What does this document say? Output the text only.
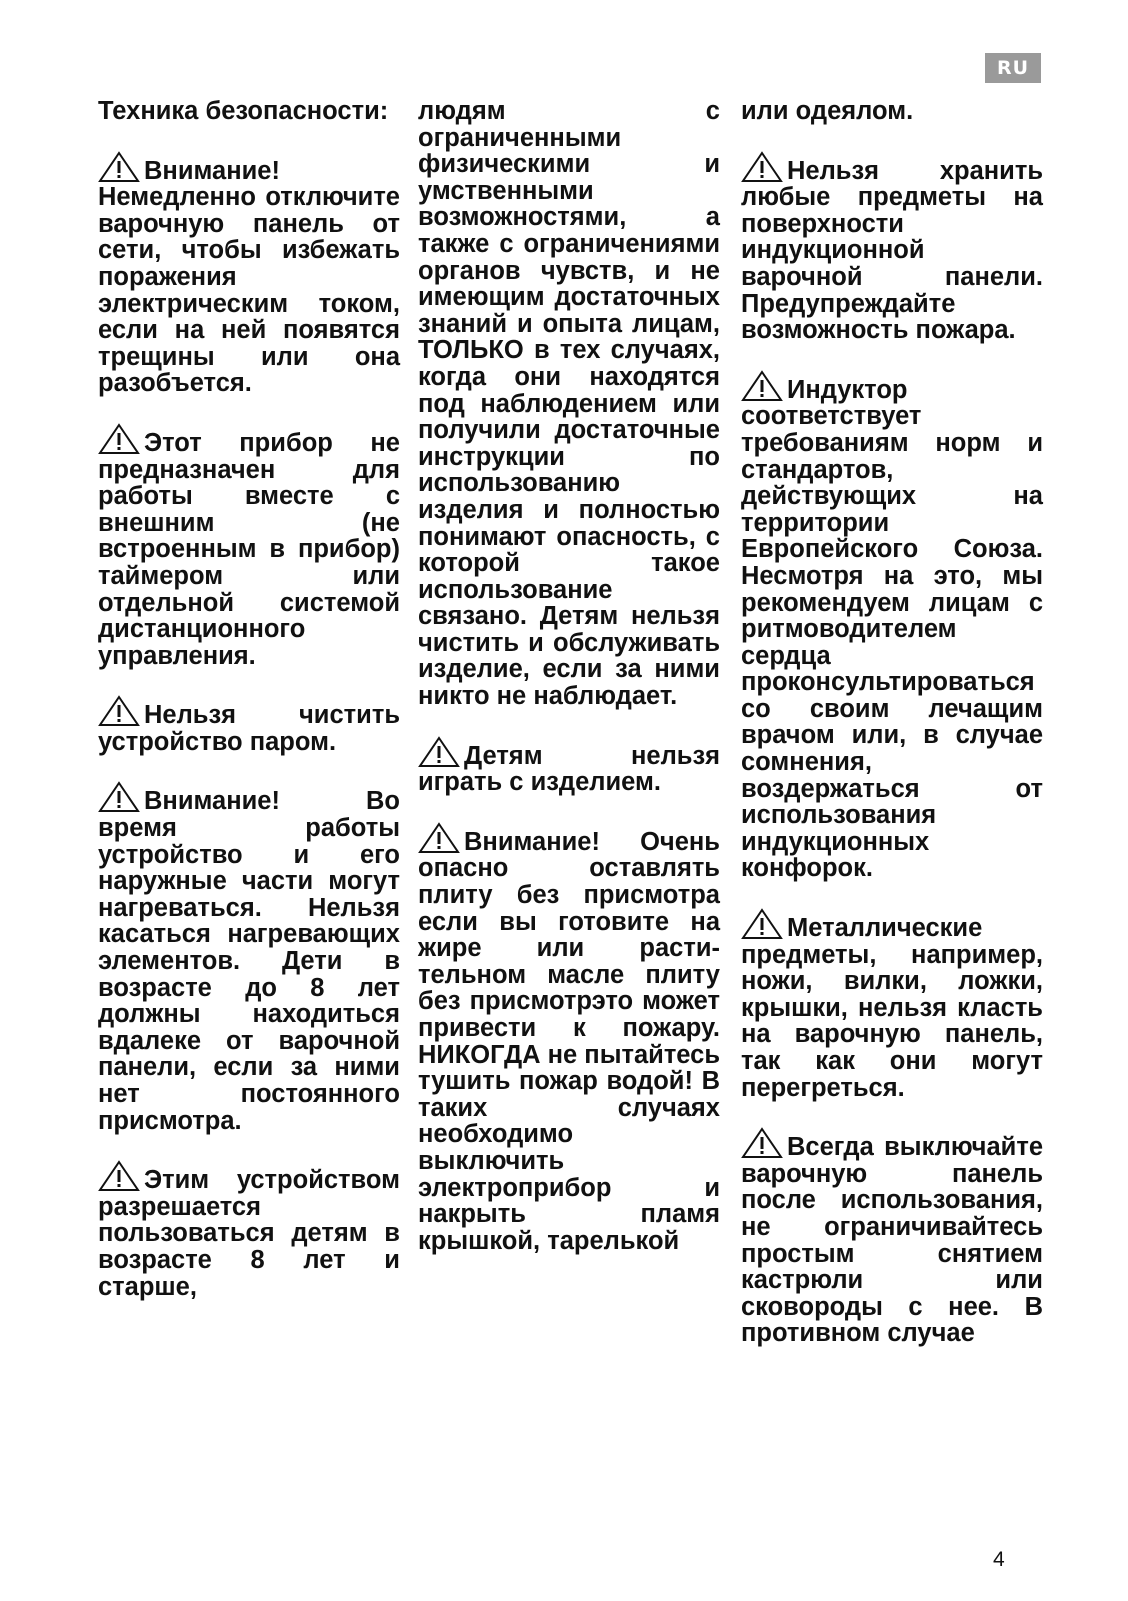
RU

Техника безопасности:

Внимание! Немедленно отключите варочную панель от сети, чтобы избежать поражения электрическим током, если на ней появятся трещины или она разобъется.

Этот прибор не предназначен для работы вместе с внешним (не встроенным в прибор) таймером или отдельной системой дистанционного управления.

Нельзя чистить устройство паром.

Внимание! Во время работы устройство и его наружные части могут нагреваться. Нельзя касаться нагревающих элементов. Дети в возрасте до 8 лет должны находиться вдалеке от варочной панели, если за ними нет постоянного присмотра.

Этим устройством разрешается пользоваться детям в возрасте 8 лет и старше,

людям с ограниченными физическими и умственными возможностями, а также с ограничениями органов чувств, и не имеющим достаточных знаний и опыта лицам, ТОЛЬКО в тех случаях, когда они находятся под наблюдением или получили достаточные инструкции по использованию изделия и полностью понимают опасность, с которой такое использование связано. Детям нельзя чистить и обслуживать изделие, если за ними никто не наблюдает.

Детям нельзя играть с изделием.

Внимание! Очень опасно оставлять плиту без присмотра если вы готовите на жире или расти-тельном масле плиту без присмотрэто может привести к пожару. НИКОГДА не пытайтесь тушить пожар водой! В таких случаях необходимо выключить электроприбор и накрыть пламя крышкой, тарелькой

или одеялом.

Нельзя хранить любые предметы на поверхности индукционной варочной панели. Предупреждайте возможность пожара.

Индуктор соответствует требованиям норм и стандартов, действующих на территории Европейского Союза. Несмотря на это, мы рекомендуем лицам с ритмоводителем сердца проконсультироваться со своим лечащим врачом или, в случае сомнения, воздержаться от использования индукционных конфорок.

Металлические предметы, например, ножи, вилки, ложки, крышки, нельзя класть на варочную панель, так как они могут перегреться.

Всегда выключайте варочную панель после использования, не ограничивайтесь простым снятием кастрюли или сковороды с нее. В противном случае

4
